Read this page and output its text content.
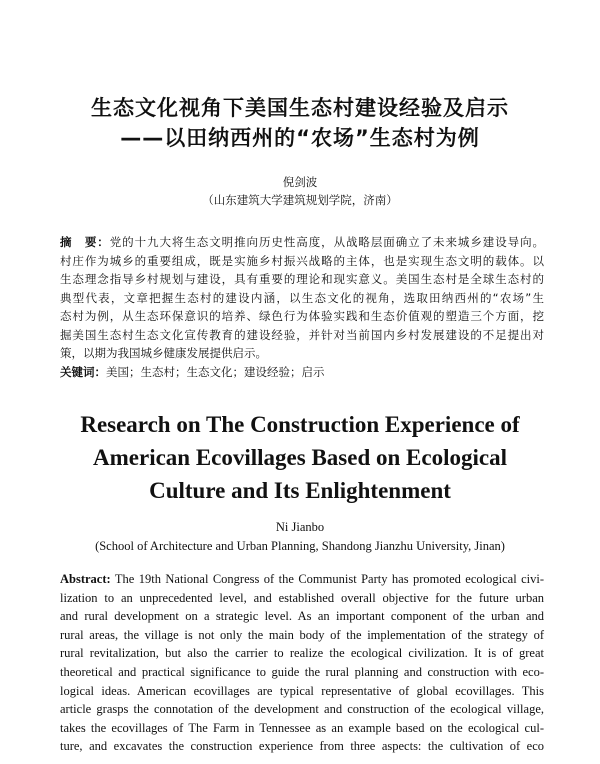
生态文化视角下美国生态村建设经验及启示
——以田纳西州的“农场”生态村为例
倪剑波
（山东建筑大学建筑规划学院，济南）
摘　要：党的十九大将生态文明推向历史性高度，从战略层面确立了未来城乡建设导向。
村庄作为城乡的重要组成，既是实施乡村振兴战略的主体，也是实现生态文明的载体。以
生态理念指导乡村规划与建设，具有重要的理论和现实意义。美国生态村是全球生态村的
典型代表，文章把握生态村的建设内涵，以生态文化的视角，选取田纳西州的“农场”生
态村为例，从生态环保意识的培养、绿色行为体验实践和生态价值观的塑造三个方面，挖
掘美国生态村生态文化宣传教育的建设经验，并针对当前国内乡村发展建设的不足提出对
策，以期为我国城乡健康发展提供启示。
关键词：美国；生态村；生态文化；建设经验；启示
Research on The Construction Experience of
American Ecovillages Based on Ecological
Culture and Its Enlightenment
Ni Jianbo
(School of Architecture and Urban Planning, Shandong Jianzhu University, Jinan)
Abstract: The 19th National Congress of the Communist Party has promoted ecological civi-
lization to an unprecedented level, and established overall objective for the future urban
and rural development on a strategic level. As an important component of the urban and
rural areas, the village is not only the main body of the implementation of the strategy of
rural revitalization, but also the carrier to realize the ecological civilization. It is of great
theoretical and practical significance to guide the rural planning and construction with eco-
logical ideas. American ecovillages are typical representative of global ecovillages. This
article grasps the connotation of the development and construction of the ecological village,
takes the ecovillages of The Farm in Tennessee as an example based on the ecological cul-
ture, and excavates the construction experience from three aspects: the cultivation of eco
